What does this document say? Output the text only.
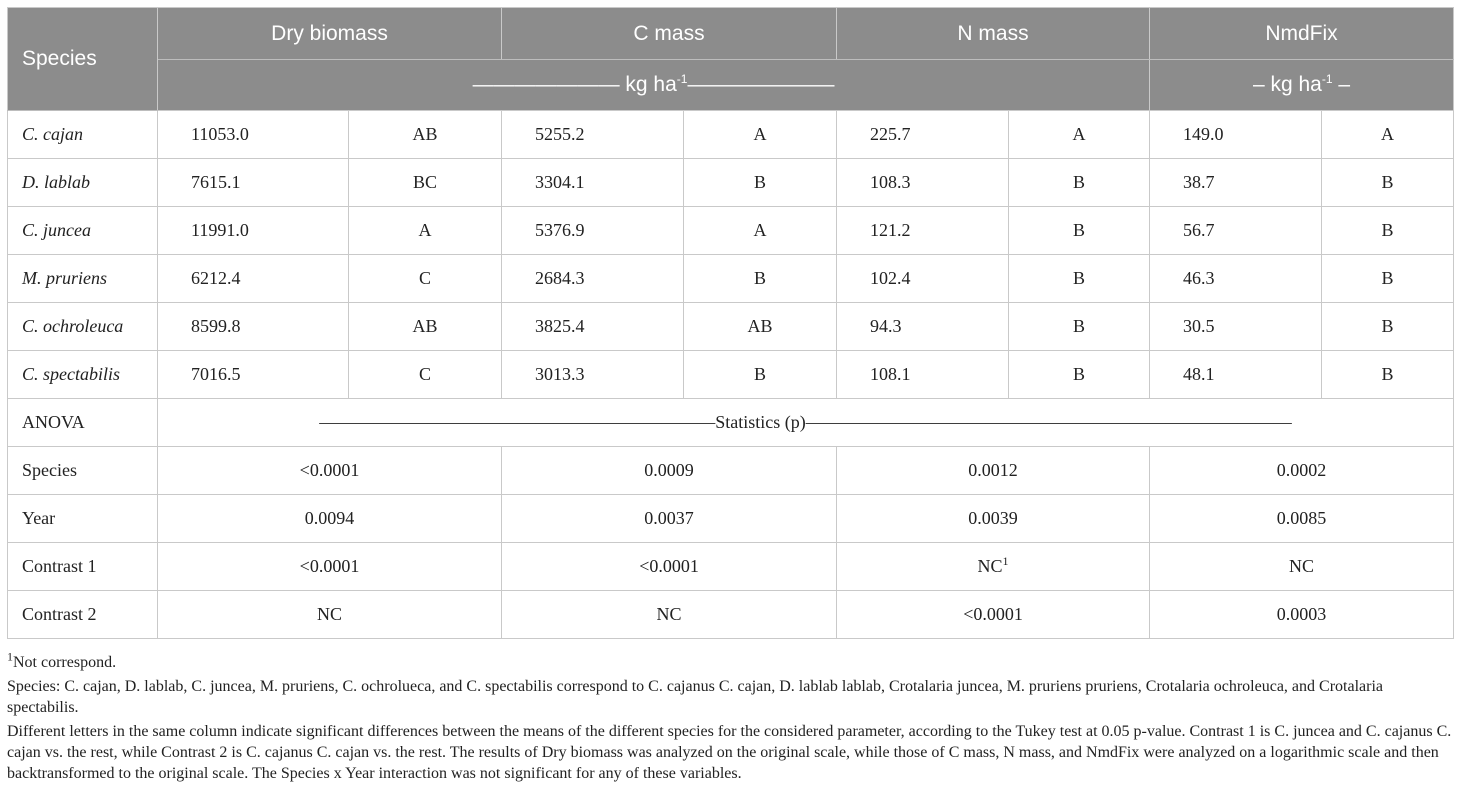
Species	Dry biomass		C mass		N mass		NmdFix	
	——————— kg $ha^{-1}———————$						– kg $ha^{-1}$ –	
C. cajan	11053.0	AB	5255.2	A	225.7	A	149.0	A
D. lablab	7615.1	BC	3304.1	B	108.3	B	38.7	B
C. juncea	11991.0	A	5376.9	A	121.2	B	56.7	B
M. pruriens	6212.4	C	2684.3	B	102.4	B	46.3	B
C. ochroleuca	8599.8	AB	3825.4	AB	94.3	B	30.5	B
C. spectabilis	7016.5	C	3013.3	B	108.1	B	48.1	B
ANOVA	——————————————————————Statistics (p)———————————————————————————							
Species	<0.0001		0.0009		0.0012		0.0002	
Year	0.0094		0.0037		0.0039		0.0085	
Contrast 1	<0.0001		<0.0001		$NC^1$		NC	
Contrast 2	NC		NC		<0.0001		0.0003	

$^1$Not correspond.

Species: C. cajan, D. lablab, C. juncea, M. pruriens, C. ochrolueca, and C. spectabilis correspond to C. cajanus C. cajan, D. lablab lablab, Crotalaria juncea, M. pruriens pruriens, Crotalaria ochroleuca, and Crotalaria spectabilis.

Different letters in the same column indicate significant differences between the means of the different species for the considered parameter, according to the Tukey test at 0.05 p-value. Contrast 1 is C. juncea and C. cajanus C. cajan vs. the rest, while Contrast 2 is C. cajanus C. cajan vs. the rest. The results of Dry biomass was analyzed on the original scale, while those of C mass, N mass, and NmdFix were analyzed on a logarithmic scale and then backtransformed to the original scale. The Species x Year interaction was not significant for any of these variables.
